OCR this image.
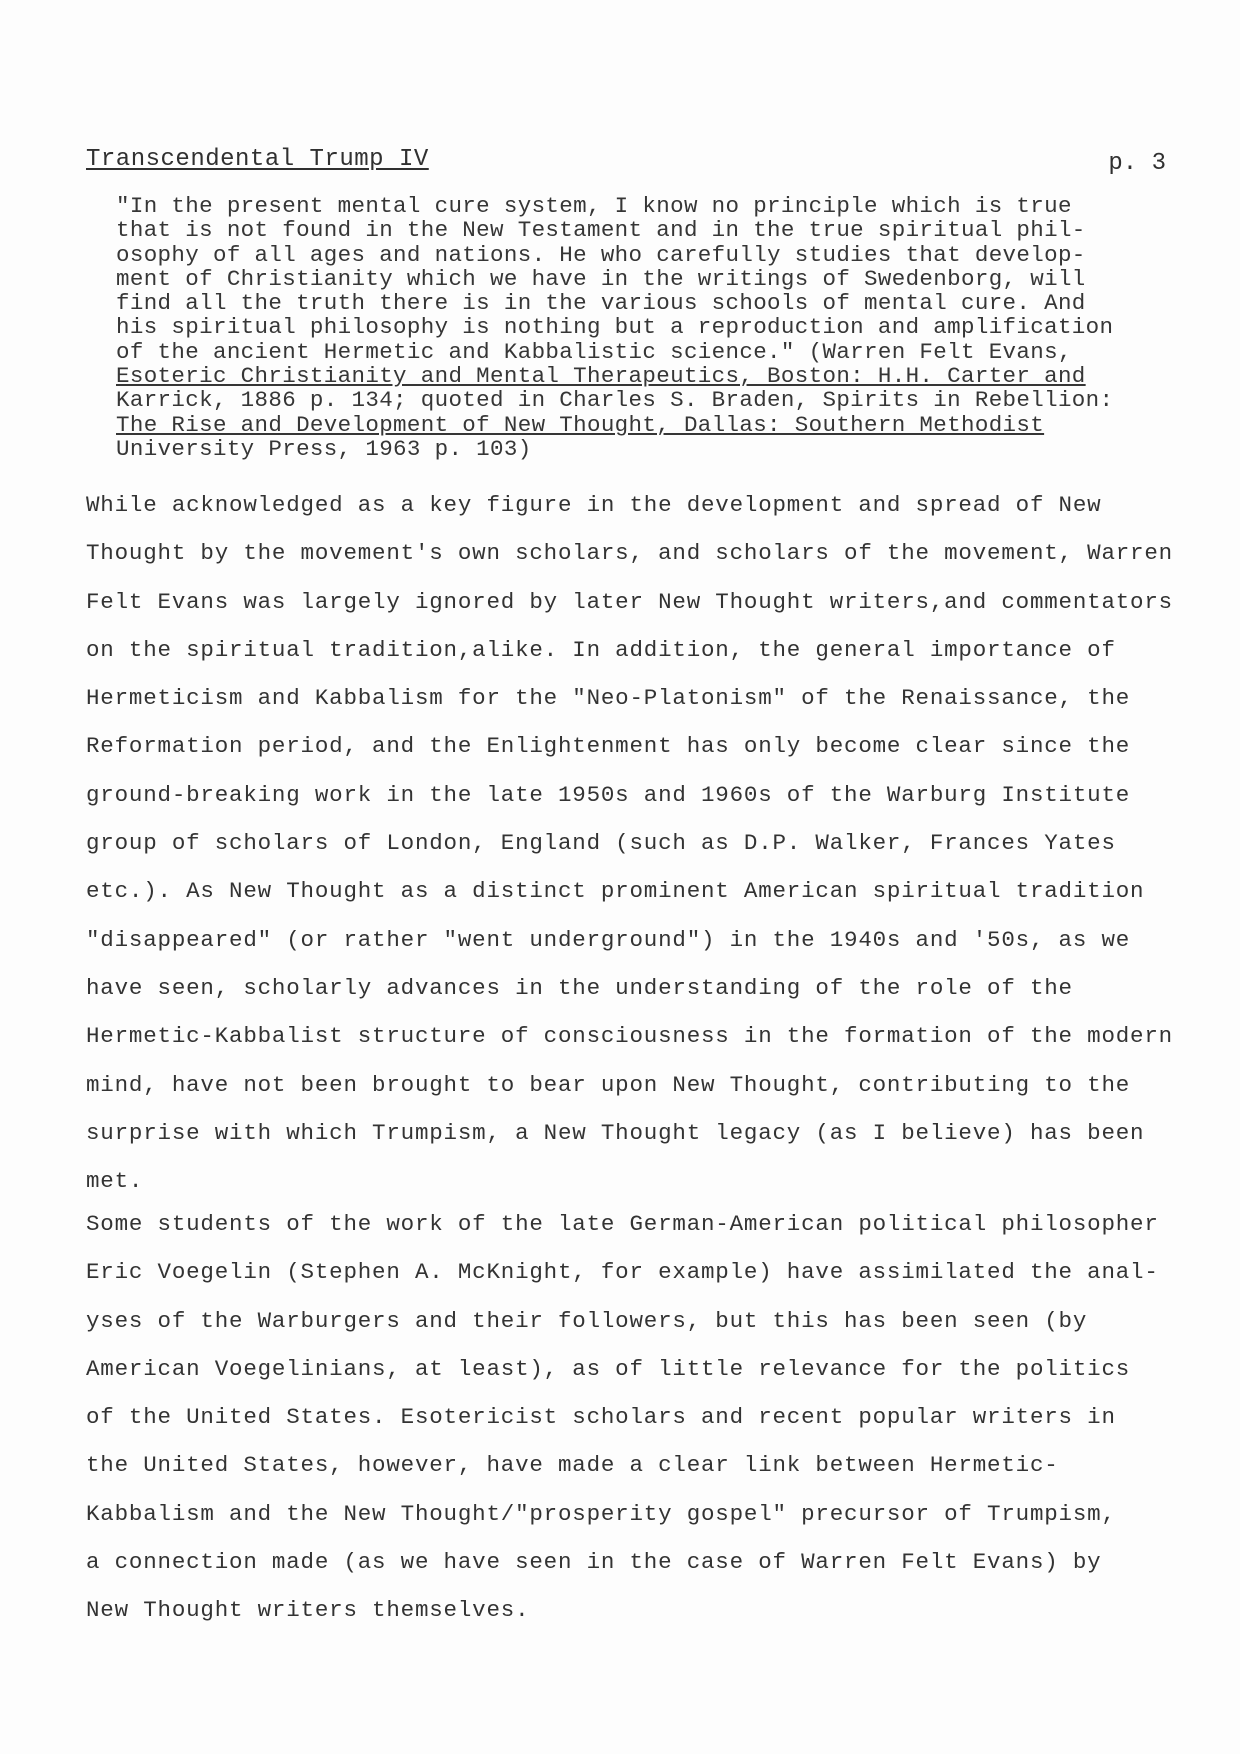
Transcendental Trump IV	p. 3
"In the present mental cure system, I know no principle which is true
that is not found in the New Testament and in the true spiritual phil-
osophy of all ages and nations. He who carefully studies that develop-
ment of Christianity which we have in the writings of Swedenborg, will
find all the truth there is in the various schools of mental cure. And
his spiritual philosophy is nothing but a reproduction and amplification
of the ancient Hermetic and Kabbalistic science." (Warren Felt Evans,
Esoteric Christianity and Mental Therapeutics, Boston: H.H. Carter and
Karrick, 1886 p. 134; quoted in Charles S. Braden, Spirits in Rebellion:
The Rise and Development of New Thought, Dallas: Southern Methodist
University Press, 1963 p. 103)
While acknowledged as a key figure in the development and spread of New
Thought by the movement's own scholars, and scholars of the movement, Warren
Felt Evans was largely ignored by later New Thought writers,and commentators
on the spiritual tradition,alike. In addition, the general importance of
Hermeticism and Kabbalism for the "Neo-Platonism" of the Renaissance, the
Reformation period, and the Enlightenment has only become clear since the
ground-breaking work in the late 1950s and 1960s of the Warburg Institute
group of scholars of London, England (such as D.P. Walker, Frances Yates
etc.). As New Thought as a distinct prominent American spiritual tradition
"disappeared" (or rather "went underground") in the 1940s and '50s, as we
have seen, scholarly advances in the understanding of the role of the
Hermetic-Kabbalist structure of consciousness in the formation of the modern
mind, have not been brought to bear upon New Thought, contributing to the
surprise with which Trumpism, a New Thought legacy (as I believe) has been
met.
Some students of the work of the late German-American political philosopher
Eric Voegelin (Stephen A. McKnight, for example) have assimilated the anal-
yses of the Warburgers and their followers, but this has been seen (by
American Voegelinians, at least), as of little relevance for the politics
of the United States. Esotericist scholars and recent popular writers in
the United States, however, have made a clear link between Hermetic-
Kabbalism and the New Thought/"prosperity gospel" precursor of Trumpism,
a connection made (as we have seen in the case of Warren Felt Evans) by
New Thought writers themselves.
